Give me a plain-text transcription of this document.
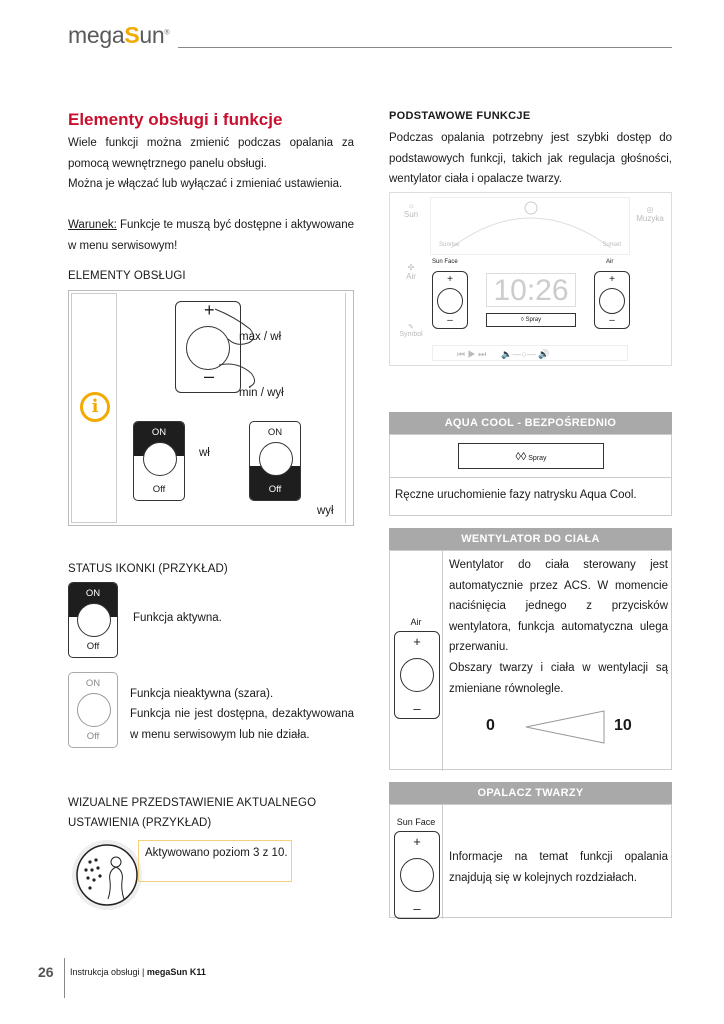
megaSun®
Elementy obsługi i funkcje
Wiele funkcji można zmienić podczas opalania za pomocą wewnętrznego panelu obsługi.
Można je włączać lub wyłączać i zmieniać ustawienia.
Warunek: Funkcje te muszą być dostępne i aktywowane w menu serwisowym!
ELEMENTY OBSŁUGI
i
+
–
max / wł
min / wył
ON
Off
wł
ON
Off
wył
STATUS IKONKI (PRZYKŁAD)
ON
Off
Funkcja aktywna.
ON
Off
Funkcja nieaktywna (szara).
Funkcja nie jest dostępna, dezaktywowana w menu serwisowym lub nie działa.
WIZUALNE PRZEDSTAWIENIE AKTUALNEGO
USTAWIENIA (PRZYKŁAD)
Aktywowano poziom 3 z 10.
PODSTAWOWE FUNKCJE
Podczas opalania potrzebny jest szybki dostęp do podstawowych funkcji, takich jak regulacja głośności, wentylator ciała i opalacze twarzy.
☼
Sun
✣
Air
✎
Symbol
◎
Muzyka
Sunrise	Sunset
Sun Face	Air
+
–
+
–
10:26
◊ Spray
⏮ ▶ ⏭      🔈—○— 🔊
AQUA COOL - BEZPOŚREDNIO
◊◊ Spray
Ręczne uruchomienie fazy natrysku Aqua Cool.
WENTYLATOR DO CIAŁA
Air
+
–
Wentylator do ciała sterowany jest automatycznie przez ACS. W momencie naciśnięcia jednego z przycisków wentylatora, funkcja automatyczna ulega przerwaniu.
Obszary twarzy i ciała w wentylacji są zmieniane równolegle.
0	10
OPALACZ TWARZY
Sun Face
+
–
Informacje na temat funkcji opalania znajdują się w kolejnych rozdziałach.
26 Instrukcja obsługi | megaSun K11
